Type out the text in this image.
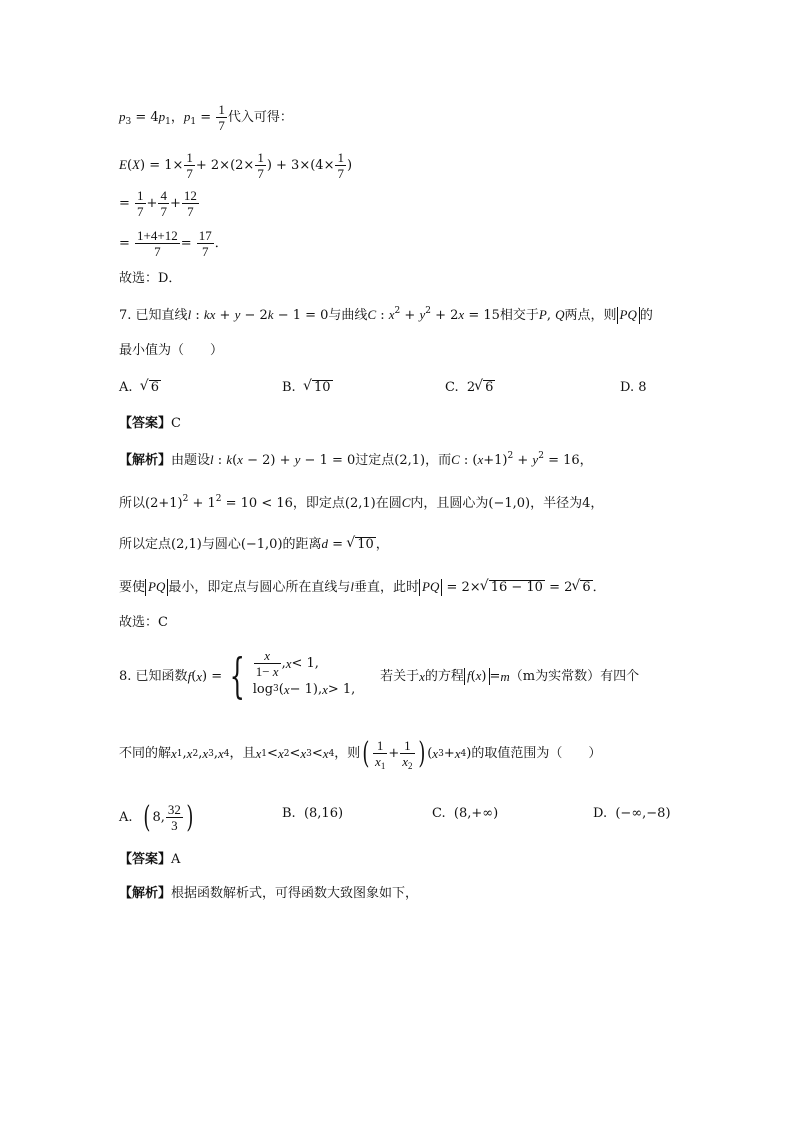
$p_3 = 4p_1$，$p_1 = \frac{1}{7}$ 代入可得：
$E(X) = 1\times \frac{1}{7} + 2\times(2\times \frac{1}{7}$ ) + $3\times(4\times \frac{1}{7}$ )
= $\frac{1}{7} + \frac{4}{7} + \frac{12}{7}$
= $\frac{1+4+12}{7} = \frac{17}{7}$ ．
故选：D．
7. 已知直线l : kx + y − 2k − 1 = 0与曲线C : $x^2 + y^2 + 2x = 15$相交于P, Q两点，则 PQ 的
最小值为（　　）
A. √ 6	B. √ 10	C.  2 √ 6	D. 8
【答案】C
【解析】由题设l : k(x − 2) + y − 1 = 0过定点(2,1)，而C : $(x+1)^2 + y^2 = 16$，
所以$(2+1)^2 + 1^2 = 10 < 16$，即定点(2,1)在圆C内，且圆心为(−1,0)，半径为4，
所以定点(2,1)与圆心(−1,0)的距离d = √ 10 ，
要使 PQ 最小，即定点与圆心所在直线与l垂直，此时 PQ = 2× √ 16 − 10 = 2 √ 6 ．
故选：C
8.
已知函数 f ( x ) = { $\frac{x}{1- x}$ , x < 1,
log 3 ( x − 1), x > 1,

若关于 x 的方程 f(x) = m （m为实常数）有四个
不同的解 x 1 , x 2 , x 3 , x 4 ，且 x 1 < x 2 < x 3 < x 4 ，则 ( $\frac{1}{x_1} + \frac{1}{x_2}$ ) ( x 3 + x 4 ) 的取值范围为（　　）
A.
( 8, $\frac{32}{3}$ )	B. (8,16)	C. (8,+∞)	D. (−∞,−8)
【答案】A
【解析】根据函数解析式，可得函数大致图象如下，
